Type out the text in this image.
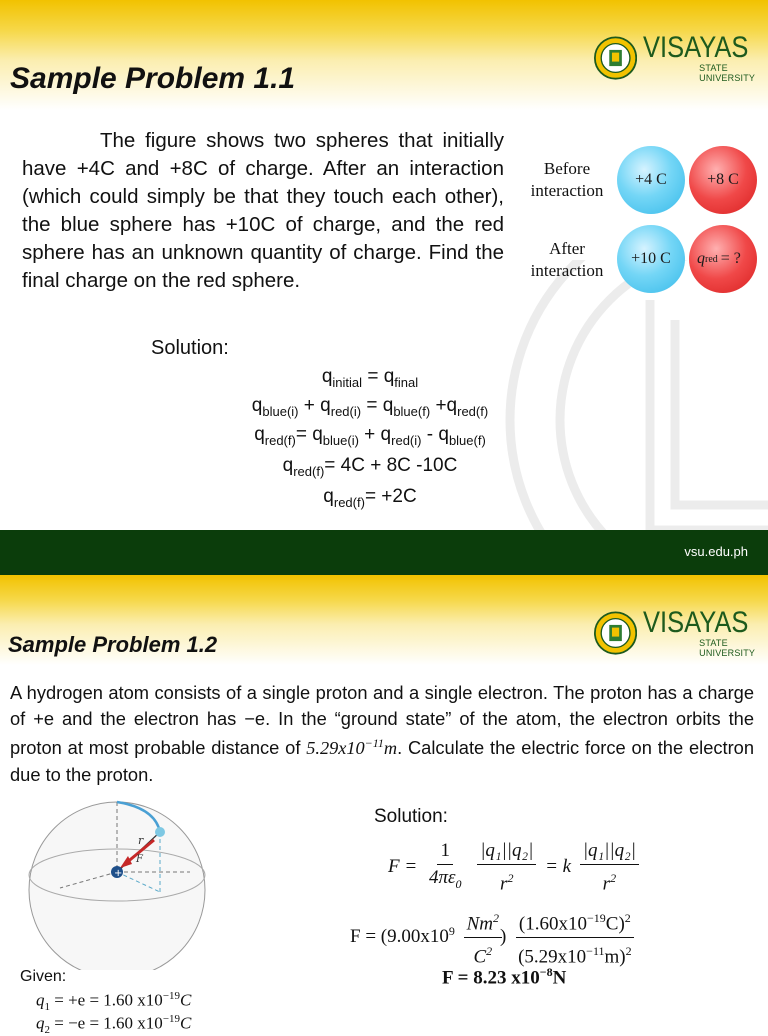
Sample Problem 1.1
VISAYAS
STATE UNIVERSITY

The figure shows two spheres that initially have +4C and +8C of charge. After an interaction (which could simply be that they touch each other), the blue sphere has +10C of charge, and the red sphere has an unknown quantity of charge. Find the final charge on the red sphere.

Before
interaction
After
interaction
+4 C	+8 C
+10 C q red = ?

Solution:

$q_{initial} = q_{final}$

$q_{blue(i)} + q_{red(i)} = q_{blue(f)} +q_{red(f)}$

$q_{red(f)}= q_{blue(i)} + q_{red(i)} - q_{blue(f)}$

$q_{red(f)}= 4C + 8C$ -10C

$q_{red(f)}= +2C$

vsu.edu.ph
Sample Problem 1.2
VISAYAS
STATE UNIVERSITY

A hydrogen atom consists of a single proton and a single electron. The proton has a charge of +e and the electron has −e. In the “ground state” of the atom, the electron orbits the proton at most probable distance of $5.29x10^{-11}m$. Calculate the electric force on the electron due to the proton.

+
r
F

Solution:

$F = \frac{1}{4\pi\varepsilon_0}$
$\frac{\text{|q₁||q₂|}}{r^2} = k \frac{\text{|q₁||q₂|}}{r^2}$
$F = (9.00x10^9 \frac{Nm^2}{C^2}$
) $\frac{(1.60x10^{-19}C)^2}{(5.29x10^{-11}m)^2}$

F = 8.23 $x10^{-8}N$

Given:

$q_1 = +e = 1.60$ $x10^{-19}C$

$q_2 = -e = 1.60$ $x10^{-19}C$
